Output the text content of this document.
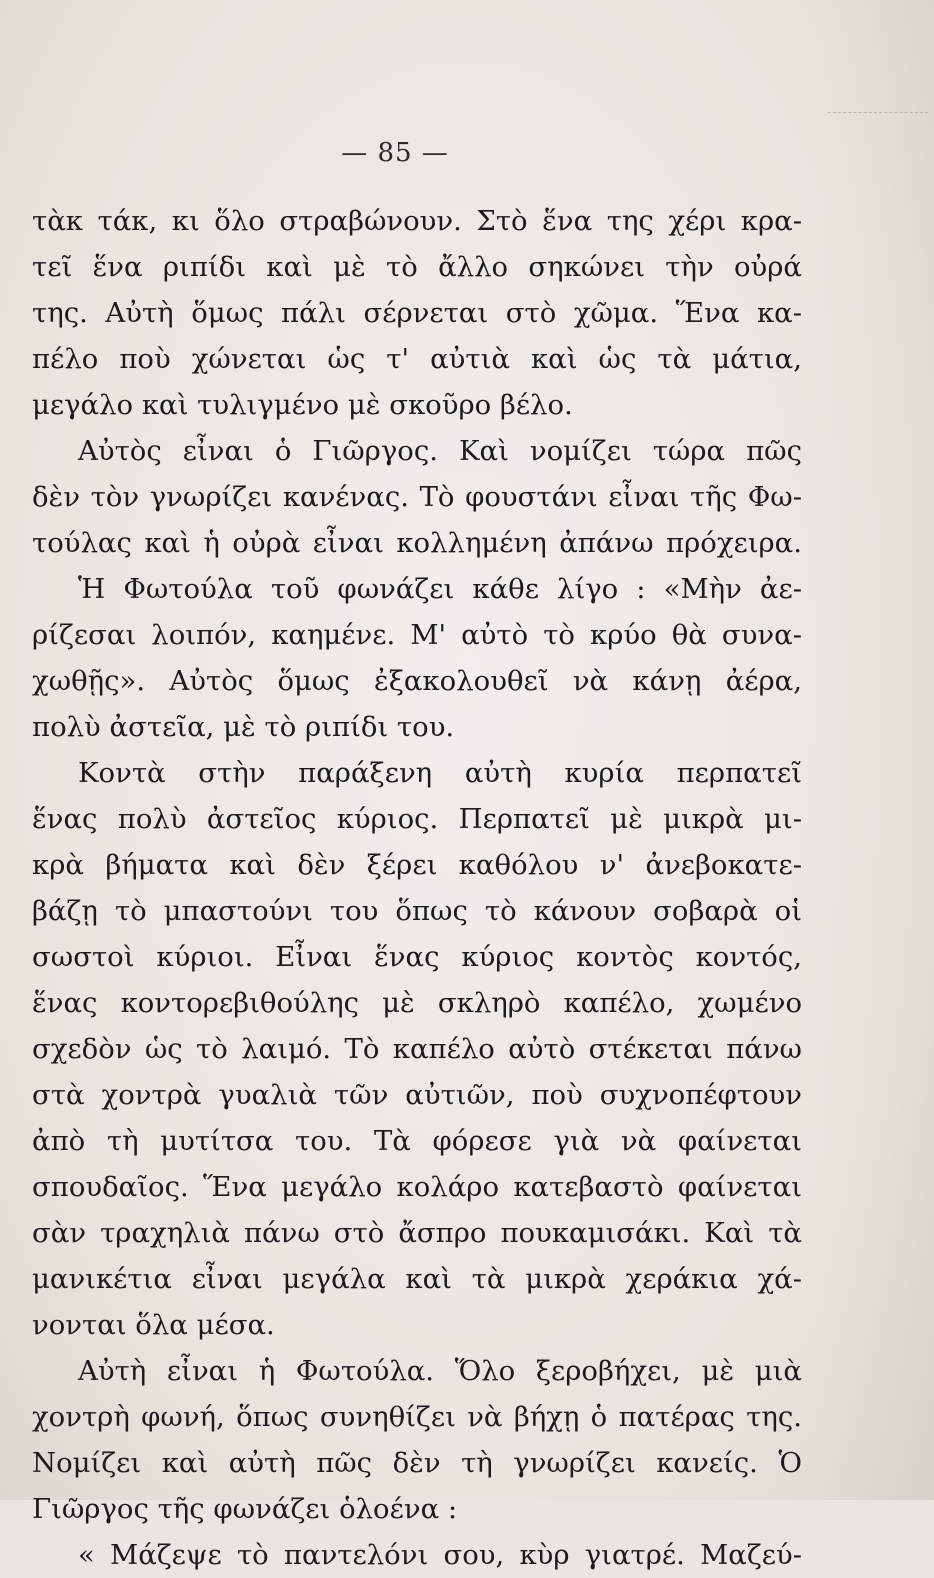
— 85 —
τὰκ τάκ, κι ὅλο στραβώνουν. Στὸ ἕνα της χέρι κρα-
τεῖ ἕνα ριπίδι καὶ μὲ τὸ ἄλλο σηκώνει τὴν οὐρά
της. Αὐτὴ ὅμως πάλι σέρνεται στὸ χῶμα. Ἕνα κα-
πέλο ποὺ χώνεται ὡς τ' αὐτιὰ καὶ ὡς τὰ μάτια,
μεγάλο καὶ τυλιγμένο μὲ σκοῦρο βέλο.
Αὐτὸς εἶναι ὁ Γιῶργος. Καὶ νομίζει τώρα πῶς
δὲν τὸν γνωρίζει κανένας. Τὸ φουστάνι εἶναι τῆς Φω-
τούλας καὶ ἡ οὐρὰ εἶναι κολλημένη ἀπάνω πρόχειρα.
Ἡ Φωτούλα τοῦ φωνάζει κάθε λίγο : «Μὴν ἀε-
ρίζεσαι λοιπόν, καημένε. Μ' αὐτὸ τὸ κρύο θὰ συνα-
χωθῇς». Αὐτὸς ὅμως ἐξακολουθεῖ νὰ κάνῃ ἀέρα,
πολὺ ἀστεῖα, μὲ τὸ ριπίδι του.
Κοντὰ στὴν παράξενη αὐτὴ κυρία περπατεῖ
ἕνας πολὺ ἀστεῖος κύριος. Περπατεῖ μὲ μικρὰ μι-
κρὰ βήματα καὶ δὲν ξέρει καθόλου ν' ἀνεβοκατε-
βάζῃ τὸ μπαστούνι του ὅπως τὸ κάνουν σοβαρὰ οἱ
σωστοὶ κύριοι. Εἶναι ἕνας κύριος κοντὸς κοντός,
ἕνας κοντορεβιθούλης μὲ σκληρὸ καπέλο, χωμένο
σχεδὸν ὡς τὸ λαιμό. Τὸ καπέλο αὐτὸ στέκεται πάνω
στὰ χοντρὰ γυαλιὰ τῶν αὐτιῶν, ποὺ συχνοπέφτουν
ἀπὸ τὴ μυτίτσα του. Τὰ φόρεσε γιὰ νὰ φαίνεται
σπουδαῖος. Ἕνα μεγάλο κολάρο κατεβαστὸ φαίνεται
σὰν τραχηλιὰ πάνω στὸ ἄσπρο πουκαμισάκι. Καὶ τὰ
μανικέτια εἶναι μεγάλα καὶ τὰ μικρὰ χεράκια χά-
νονται ὅλα μέσα.
Αὐτὴ εἶναι ἡ Φωτούλα. Ὅλο ξεροβήχει, μὲ μιὰ
χοντρὴ φωνή, ὅπως συνηθίζει νὰ βήχῃ ὁ πατέρας της.
Νομίζει καὶ αὐτὴ πῶς δὲν τὴ γνωρίζει κανείς. Ὁ
Γιῶργος τῆς φωνάζει ὁλοένα :
« Μάζεψε τὸ παντελόνι σου, κὺρ γιατρέ. Μαζεύ-
